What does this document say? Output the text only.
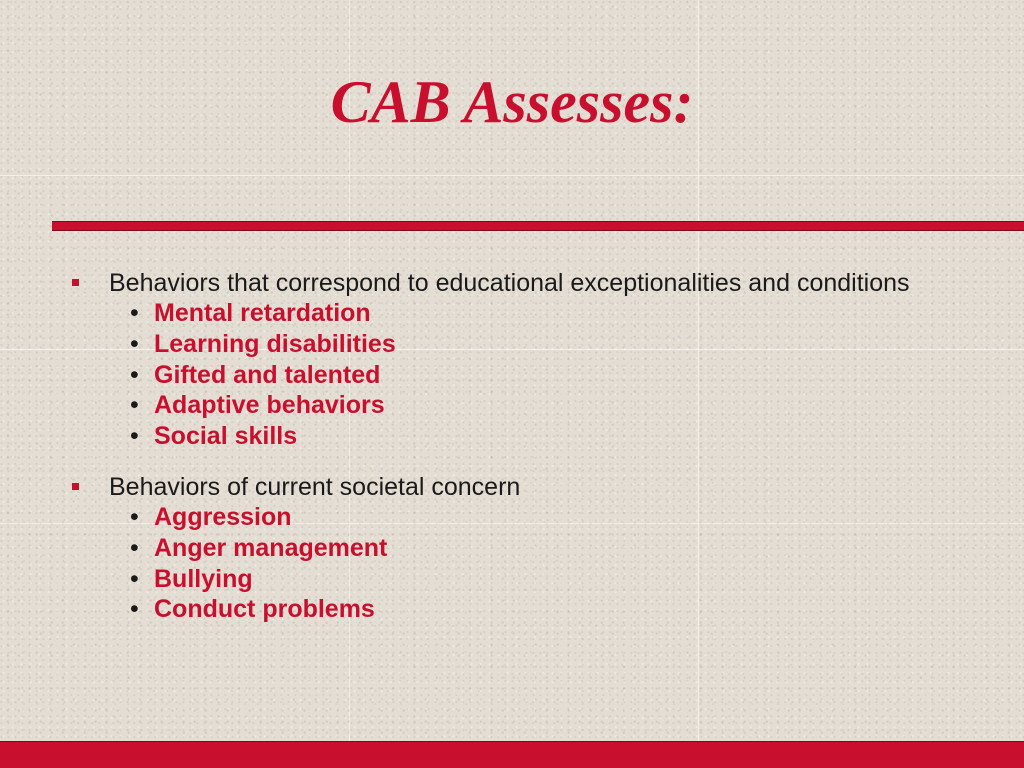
CAB Assesses:
Behaviors that correspond to educational exceptionalities and conditions
• Mental retardation
• Learning disabilities
• Gifted and talented
• Adaptive behaviors
• Social skills
Behaviors of current societal concern
• Aggression
• Anger management
• Bullying
• Conduct problems
